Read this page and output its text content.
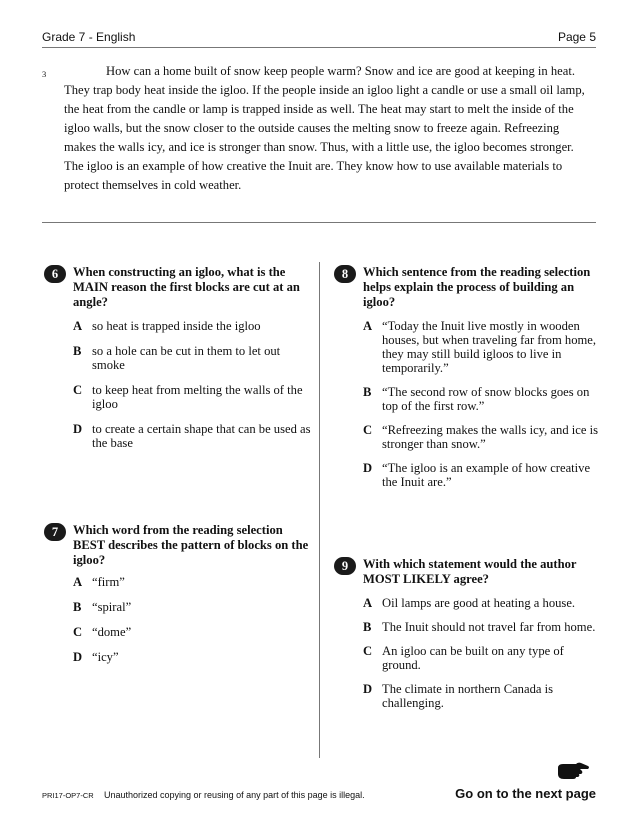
Grade 7 - English	Page 5
3	How can a home built of snow keep people warm? Snow and ice are good at keeping in heat. They trap body heat inside the igloo. If the people inside an igloo light a candle or use a small oil lamp, the heat from the candle or lamp is trapped inside as well. The heat may start to melt the inside of the igloo walls, but the snow closer to the outside causes the melting snow to freeze again. Refreezing makes the walls icy, and ice is stronger than snow. Thus, with a little use, the igloo becomes stronger. The igloo is an example of how creative the Inuit are. They know how to use available materials to protect themselves in cold weather.

6	When constructing an igloo, what is the MAIN reason the first blocks are cut at an angle?
A so heat is trapped inside the igloo
B so a hole can be cut in them to let out smoke
C to keep heat from melting the walls of the igloo
D to create a certain shape that can be used as the base
7	Which word from the reading selection BEST describes the pattern of blocks on the igloo?
A “firm”
B “spiral”
C “dome”
D “icy”
8	Which sentence from the reading selection helps explain the process of building an igloo?
A “Today the Inuit live mostly in wooden houses, but when traveling far from home, they may still build igloos to live in temporarily.”
B “The second row of snow blocks goes on top of the first row.”
C “Refreezing makes the walls icy, and ice is stronger than snow.”
D “The igloo is an example of how creative the Inuit are.”
9	With which statement would the author MOST LIKELY agree?
A Oil lamps are good at heating a house.
B The Inuit should not travel far from home.
C An igloo can be built on any type of ground.
D The climate in northern Canada is challenging.
PRI17-OP7-CR Unauthorized copying or reusing of any part of this page is illegal.	Go on to the next page
